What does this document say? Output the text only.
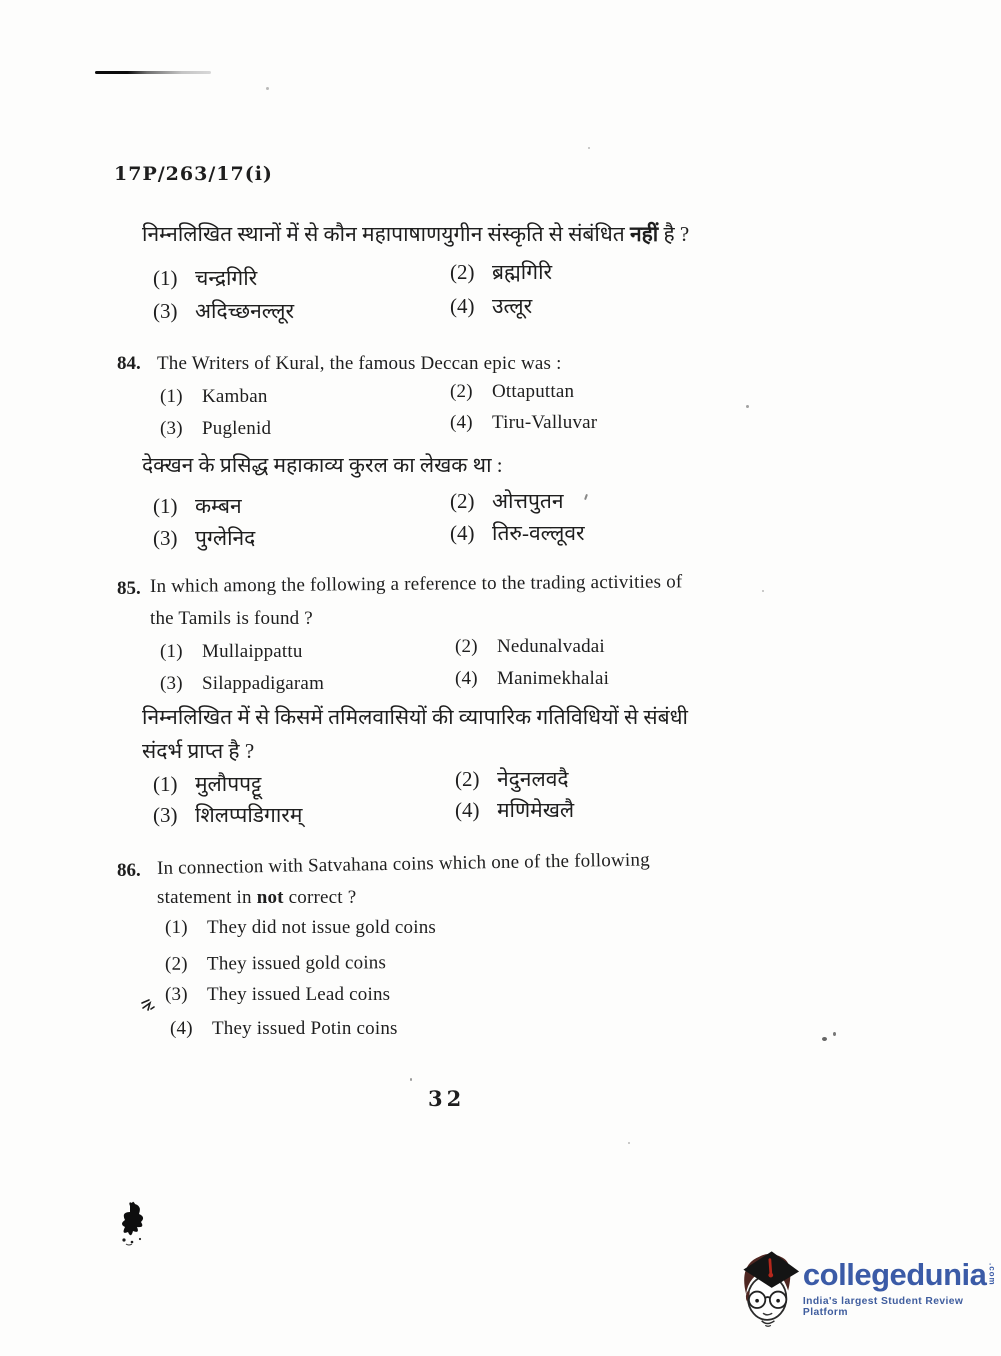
17P/263/17(i)
निम्नलिखित स्थानों में से कौन महापाषाणयुगीन संस्कृति से संबंधित नहीं है ?
(1) चन्द्रगिरि	(2) ब्रह्मगिरि
(3) अदिच्छनल्लूर	(4) उत्लूर
84. The Writers of Kural, the famous Deccan epic was :
(1) Kamban	(2) Ottaputtan
(3) Puglenid	(4) Tiru-Valluvar
देक्खन के प्रसिद्ध महाकाव्य कुरल का लेखक था :
(1) कम्बन	(2) ओत्तपुतन
(3) पुग्लेनिद	(4) तिरु-वल्लूवर
85. In which among the following a reference to the trading activities of
the Tamils is found ?
(1) Mullaippattu	(2) Nedunalvadai
(3) Silappadigaram	(4) Manimekhalai
निम्नलिखित में से किसमें तमिलवासियों की व्यापारिक गतिविधियों से संबंधी
संदर्भ प्राप्त है ?
(1) मुलौपपट्टू	(2) नेदुनलवदै
(3) शिलप्पडिगारम्	(4) मणिमेखलै
86. In connection with Satvahana coins which one of the following
statement in not correct ?
(1) They did not issue gold coins
(2) They issued gold coins
(3) They issued Lead coins
(4) They issued Potin coins
32
collegedunia .com
India's largest Student Review Platform
